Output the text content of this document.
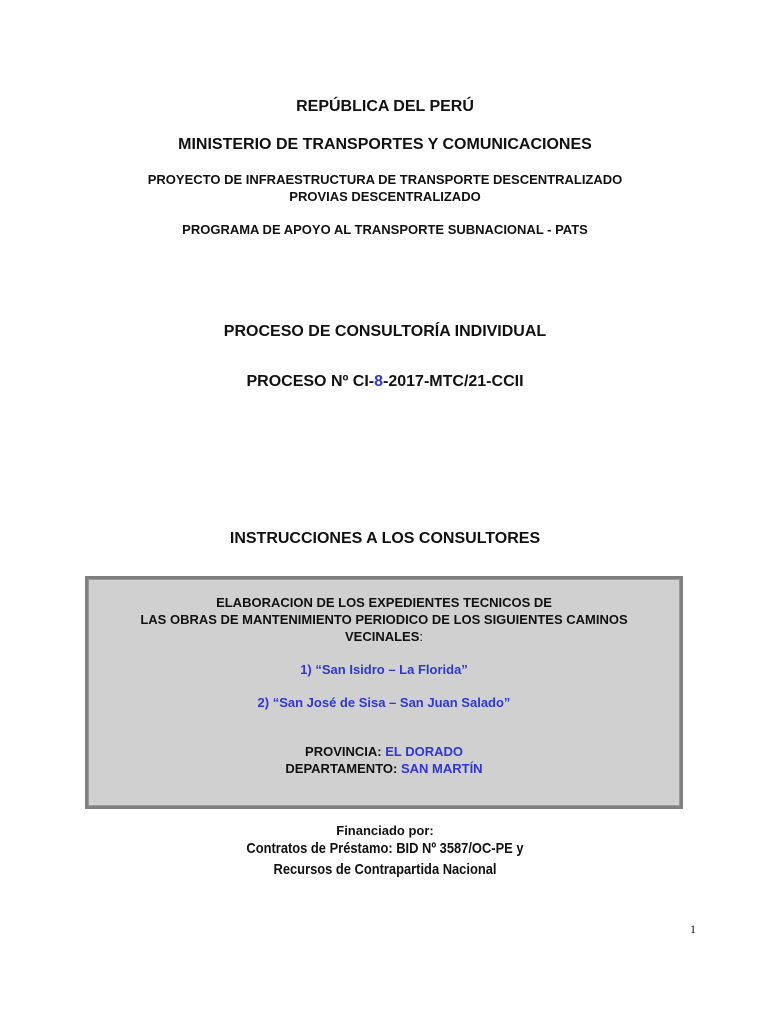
REPÚBLICA DEL PERÚ
MINISTERIO DE TRANSPORTES Y COMUNICACIONES
PROYECTO DE INFRAESTRUCTURA DE TRANSPORTE DESCENTRALIZADO
PROVIAS DESCENTRALIZADO
PROGRAMA DE APOYO AL TRANSPORTE SUBNACIONAL - PATS
PROCESO DE CONSULTORÍA INDIVIDUAL
PROCESO Nº CI-8-2017-MTC/21-CCII
INSTRUCCIONES A LOS CONSULTORES
ELABORACION DE LOS EXPEDIENTES TECNICOS DE
LAS OBRAS DE MANTENIMIENTO PERIODICO DE LOS SIGUIENTES CAMINOS
VECINALES:
1) “San Isidro – La Florida”
2) “San José de Sisa – San Juan Salado”
PROVINCIA: EL DORADO
DEPARTAMENTO: SAN MARTÍN
Financiado por:
Contratos de Préstamo: BID Nº 3587/OC-PE y
Recursos de Contrapartida Nacional
1
